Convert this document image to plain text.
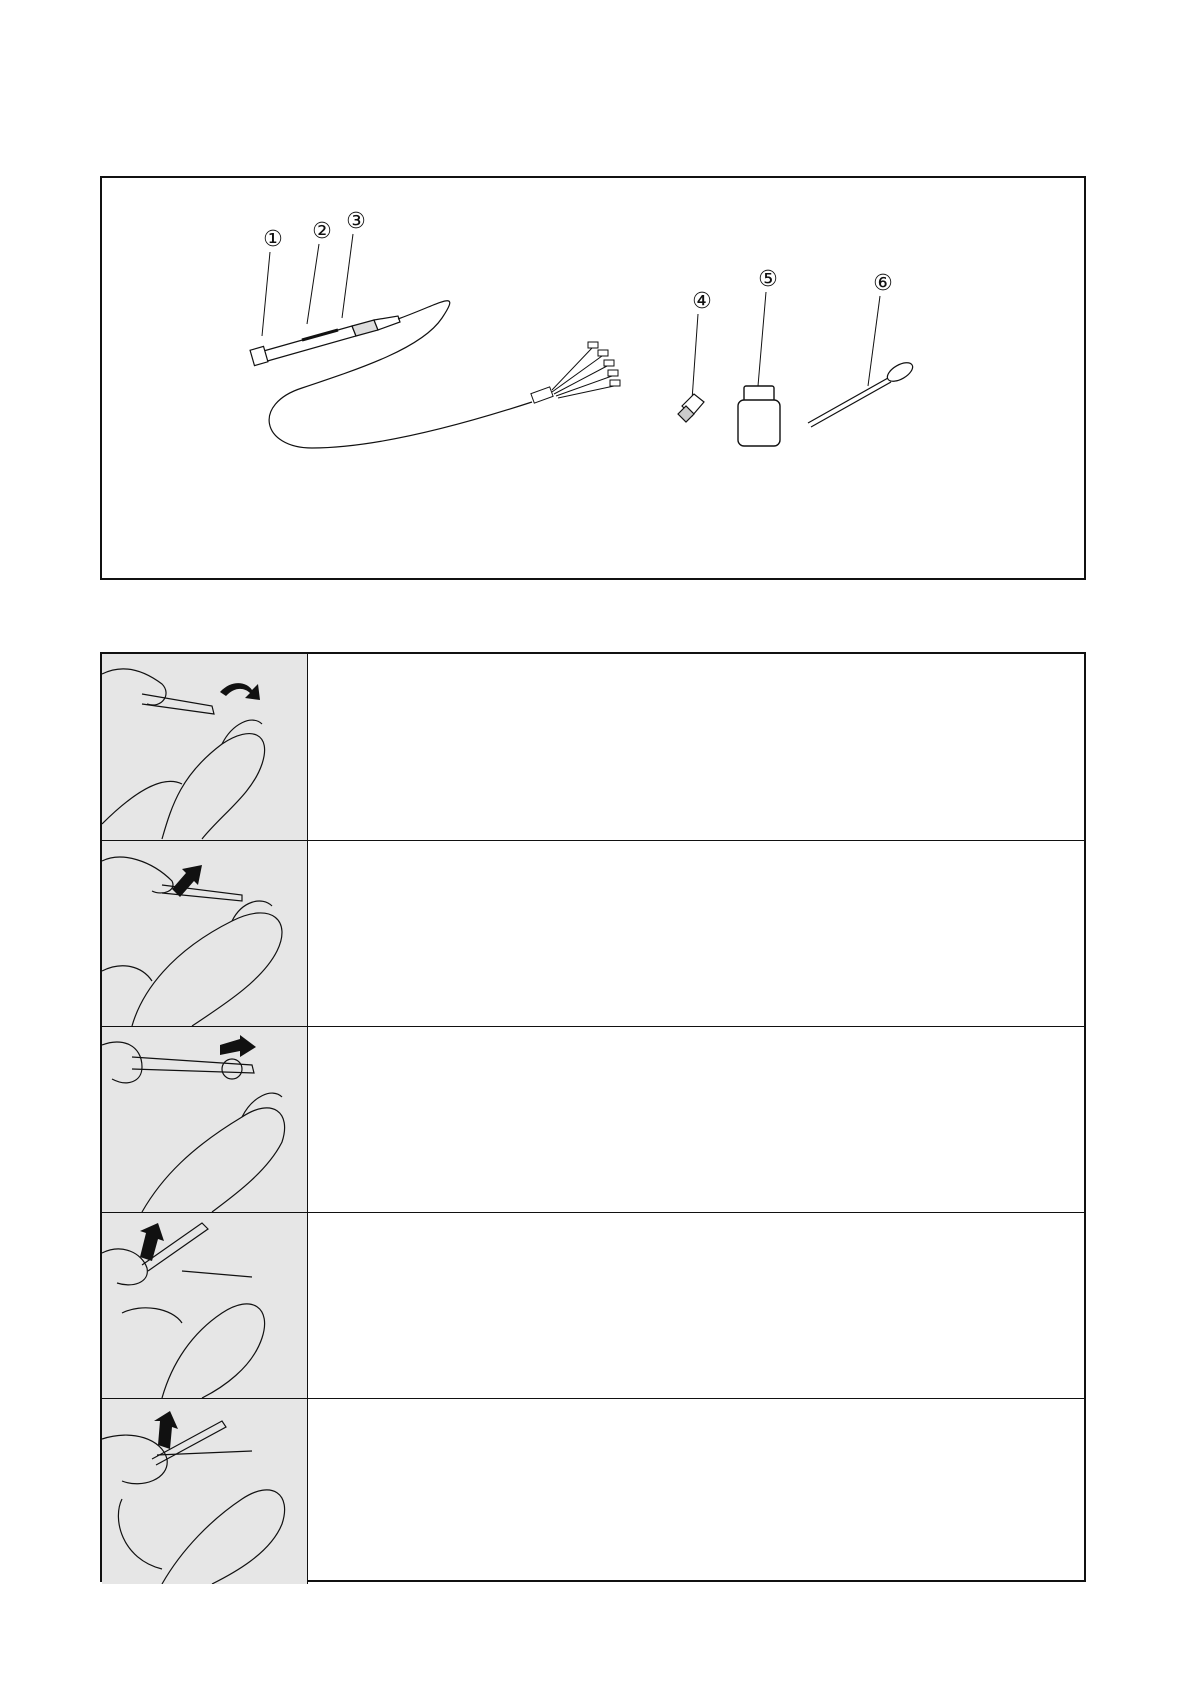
① ② ③
④
⑤	⑥
